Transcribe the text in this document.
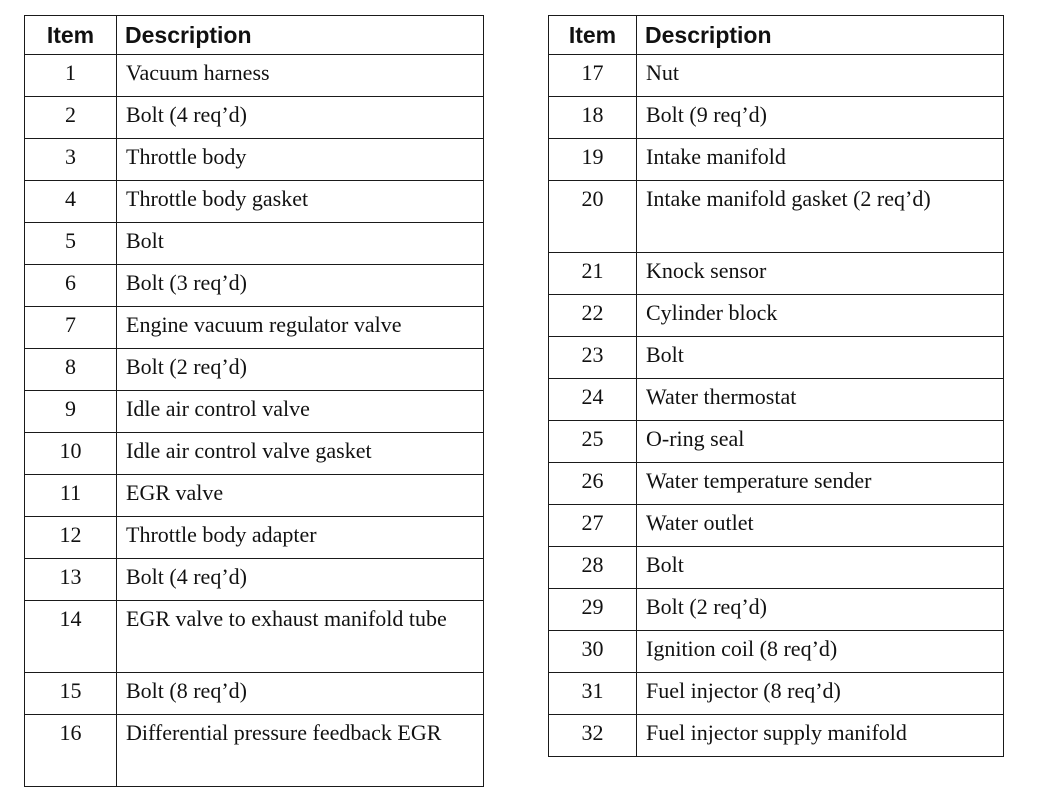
Item	Description
1	Vacuum harness
2	Bolt (4 req’d)
3	Throttle body
4	Throttle body gasket
5	Bolt
6	Bolt (3 req’d)
7	Engine vacuum regulator valve
8	Bolt (2 req’d)
9	Idle air control valve
10	Idle air control valve gasket
11	EGR valve
12	Throttle body adapter
13	Bolt (4 req’d)
14	EGR valve to exhaust manifold tube
15	Bolt (8 req’d)
16	Differential pressure feedback EGR
Item	Description
17	Nut
18	Bolt (9 req’d)
19	Intake manifold
20	Intake manifold gasket (2 req’d)
21	Knock sensor
22	Cylinder block
23	Bolt
24	Water thermostat
25	O-ring seal
26	Water temperature sender
27	Water outlet
28	Bolt
29	Bolt (2 req’d)
30	Ignition coil (8 req’d)
31	Fuel injector (8 req’d)
32	Fuel injector supply manifold
